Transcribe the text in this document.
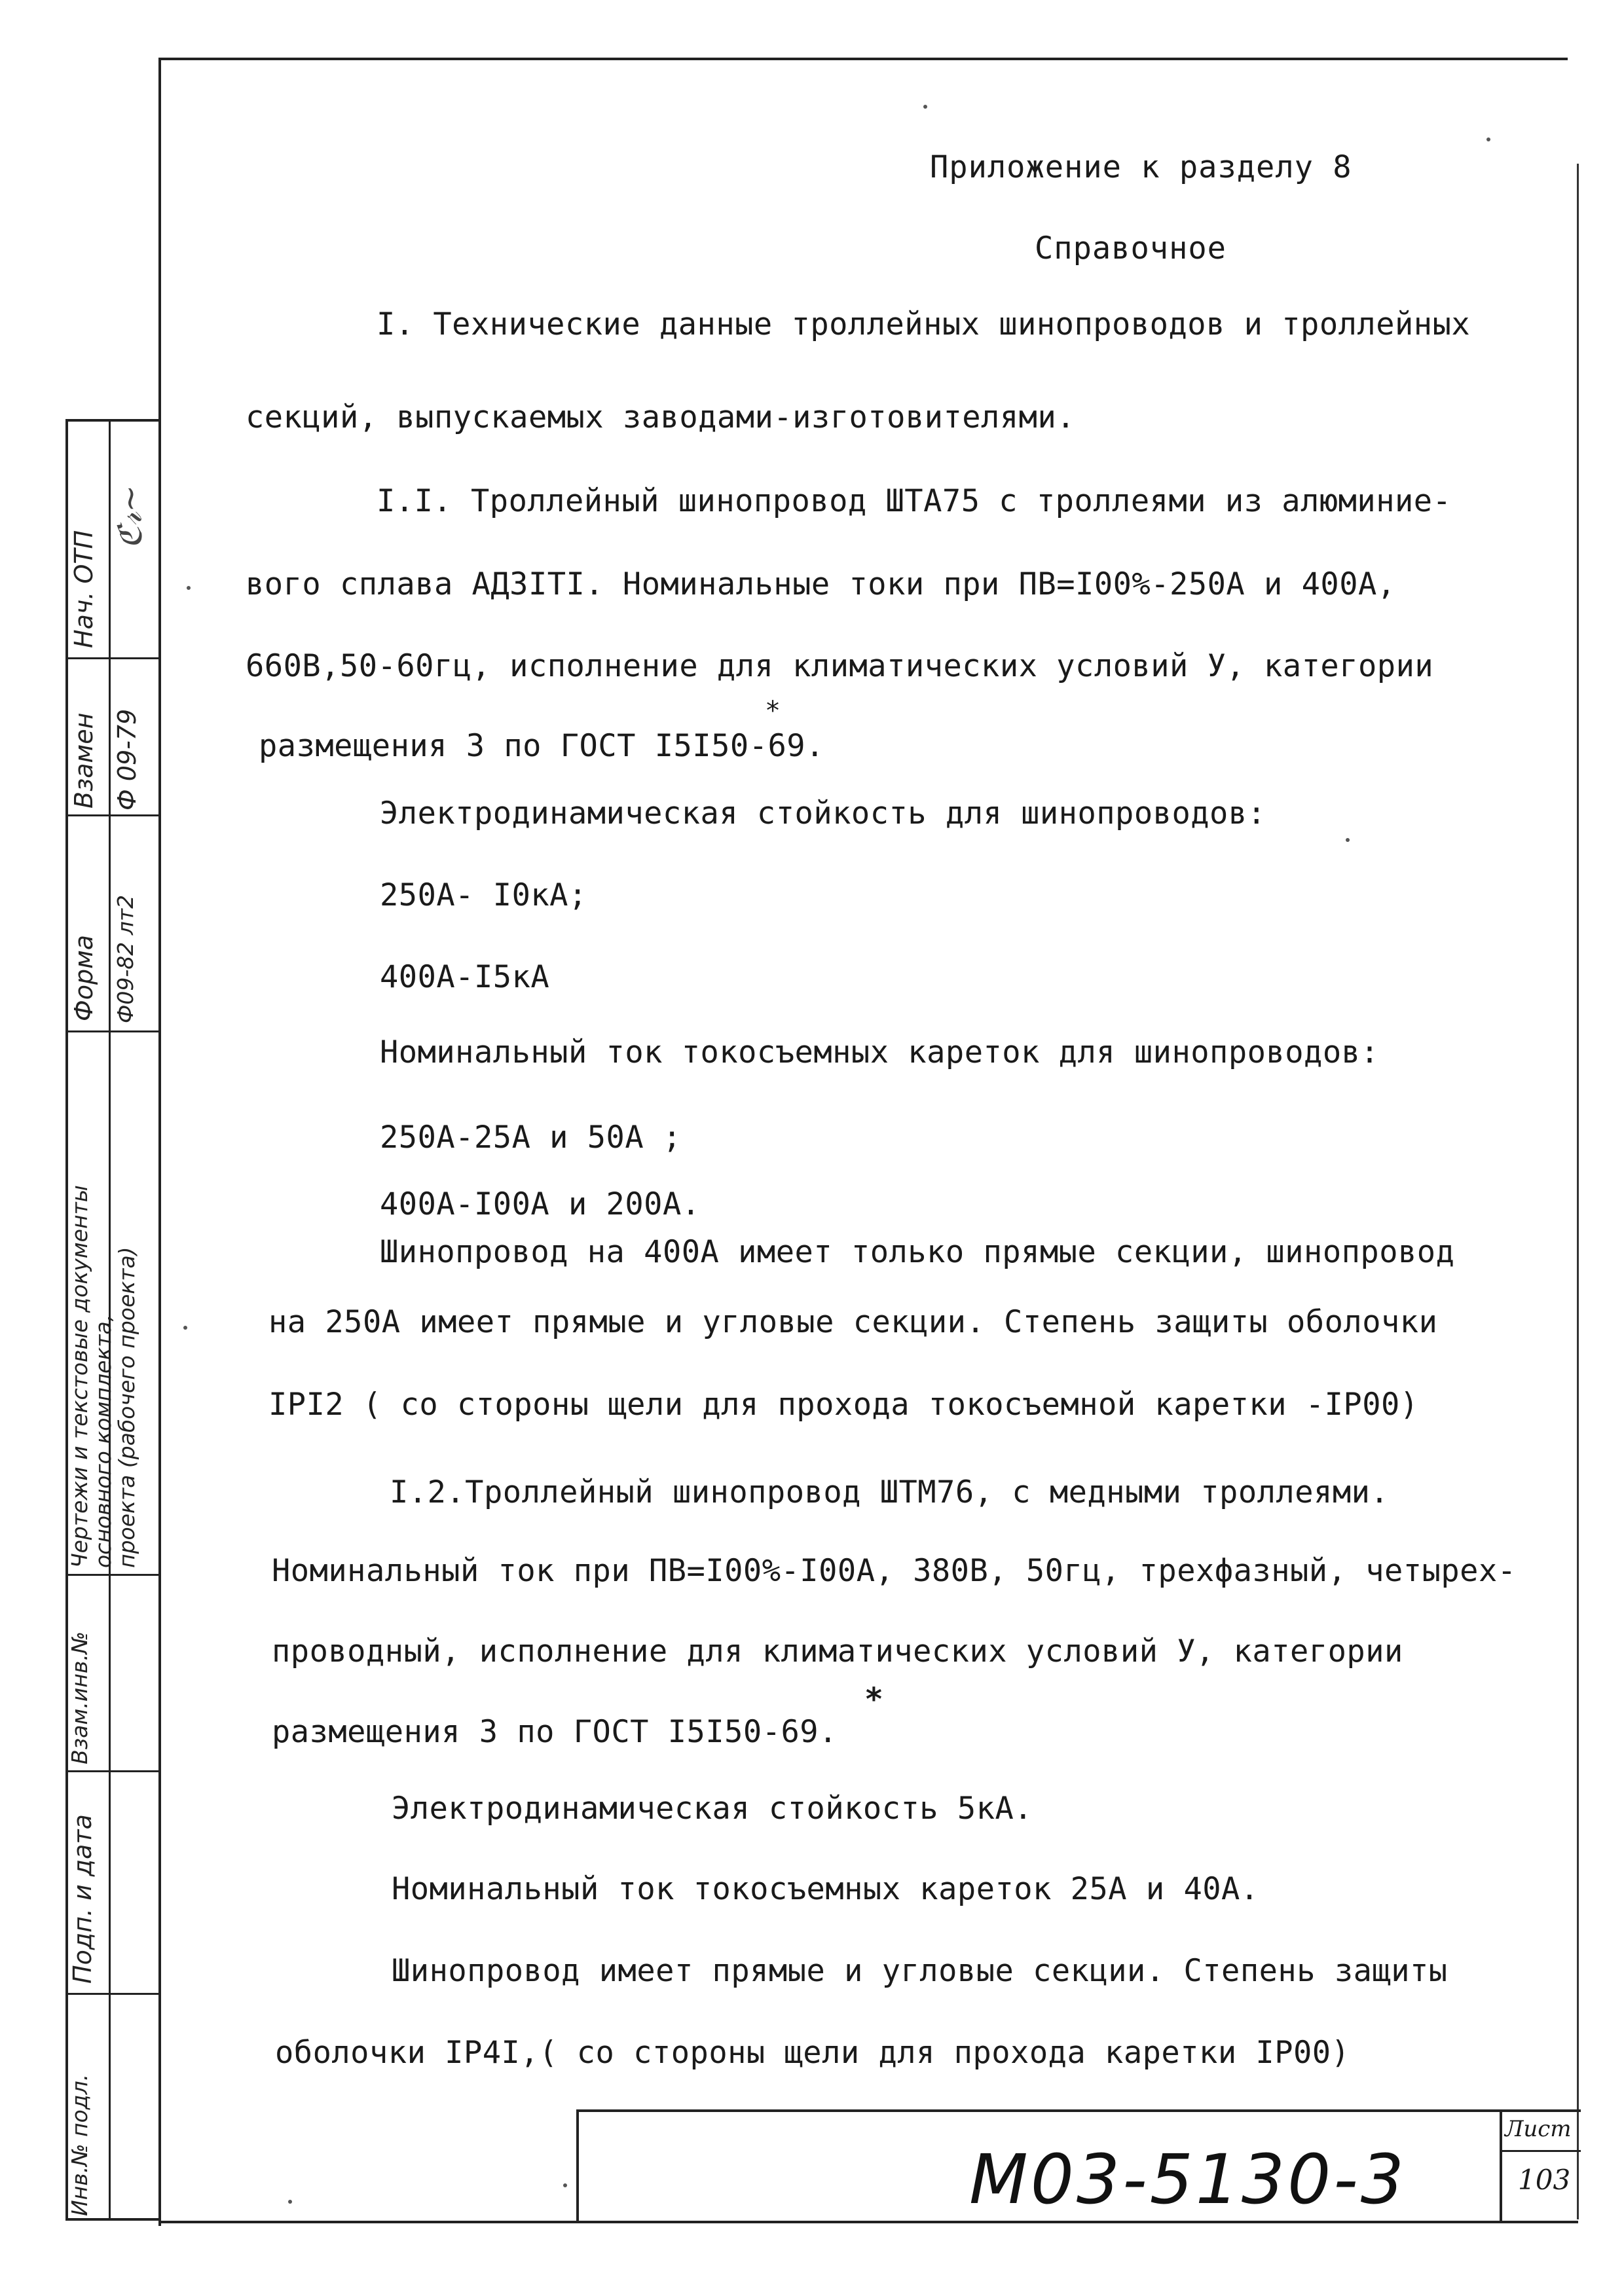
Нач. ОТП
ℭ𝓇~
Взамен Ф 09-79
Форма Ф09-82 лт2
Чертежи и текстовые документы
основного комплекта,
проекта (рабочего проекта)
Взам.инв.№
Подп. и дата
Инв.№ подл.
Приложение к разделу 8
Справочное
I. Технические данные троллейных шинопроводов и троллейных
секций, выпускаемых заводами-изготовителями.
I.I. Троллейный шинопровод ШТА75 с троллеями из алюминие-
вого сплава АДЗIТI. Номинальные токи при ПВ=I00%-250А и 400А,
660В,50-60гц, исполнение для климатических условий У, категории
размещения 3 по ГОСТ I5I50-69.
*
Электродинамическая стойкость для шинопроводов:
250А- I0кА;
400А-I5кА
Номинальный ток токосъемных кареток для шинопроводов:
250А-25А и 50А ;
400А-I00А и 200А.
Шинопровод на 400А имеет только прямые секции, шинопровод
на 250А имеет прямые и угловые секции. Степень защиты оболочки
IPI2 ( со стороны щели для прохода токосъемной каретки -IP00)
I.2.Троллейный шинопровод ШТМ76, с медными троллеями.
Номинальный ток при ПВ=I00%-I00А, 380В, 50гц, трехфазный, четырех-
проводный, исполнение для климатических условий У, категории
размещения 3 по ГОСТ I5I50-69.
*
Электродинамическая стойкость 5кА.
Номинальный ток токосъемных кареток 25А и 40А.
Шинопровод имеет прямые и угловые секции. Степень защиты
оболочки IP4I,( со стороны щели для прохода каретки IP00)
М03-5130-3
Лист
103
